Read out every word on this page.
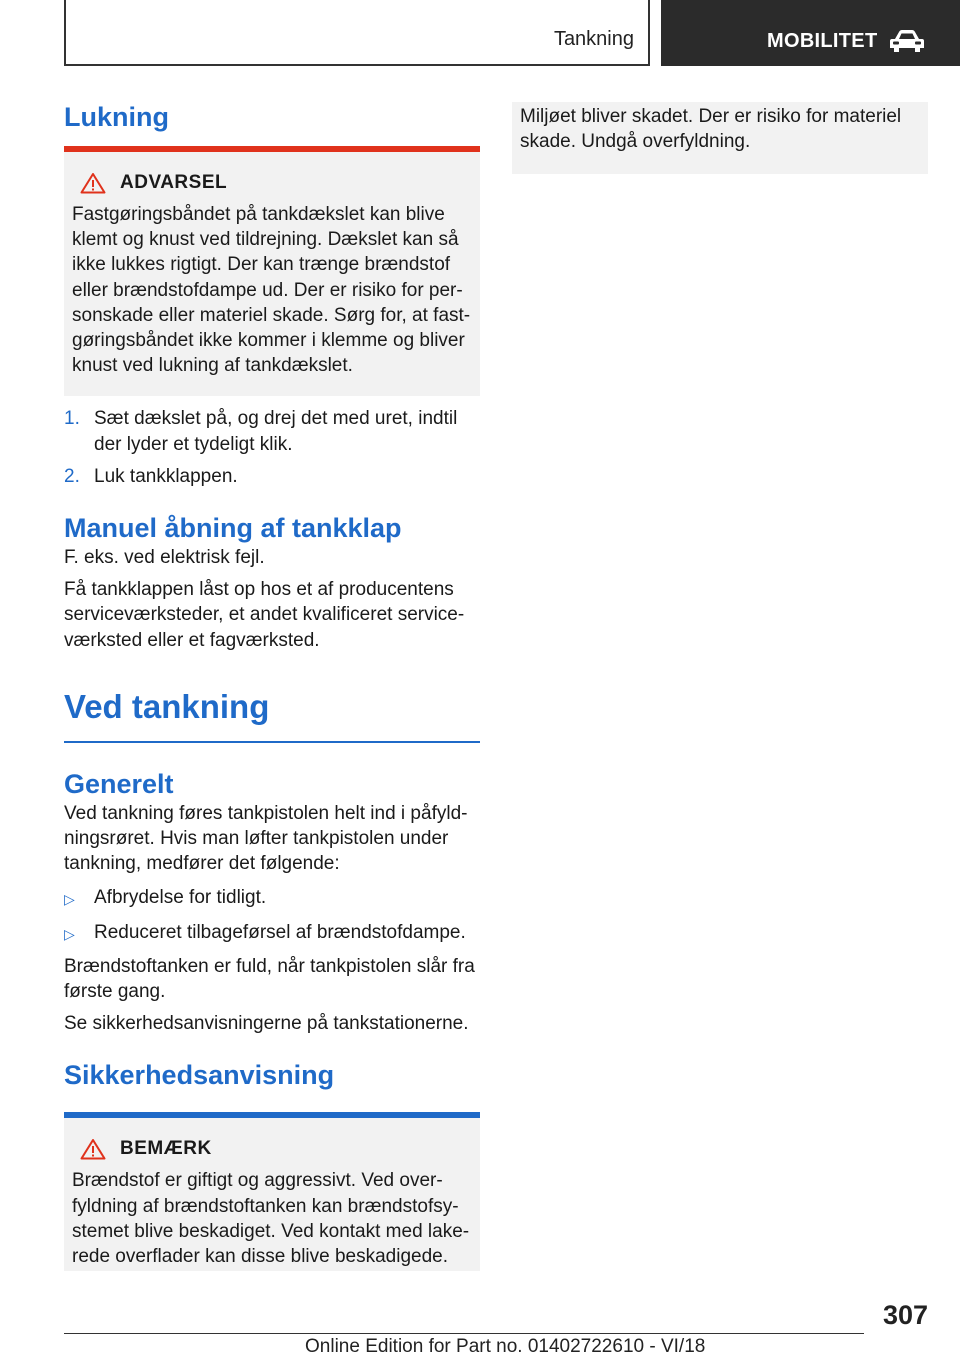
Tankning	MOBILITET
Lukning
ADVARSEL

Fastgøringsbåndet på tankdækslet kan blive klemt og knust ved tildrejning. Dækslet kan så ikke lukkes rigtigt. Der kan trænge brændstof eller brændstofdampe ud. Der er risiko for per-sonskade eller materiel skade. Sørg for, at fast-gøringsbåndet ikke kommer i klemme og bliver knust ved lukning af tankdækslet.

1. Sæt dækslet på, og drej det med uret, indtil der lyder et tydeligt klik.
2. Luk tankklappen.
Manuel åbning af tankklap

F. eks. ved elektrisk fejl.

Få tankklappen låst op hos et af producentens serviceværksteder, et andet kvalificeret service-værksted eller et fagværksted.

Ved tankning
Generelt

Ved tankning føres tankpistolen helt ind i påfyld-ningsrøret. Hvis man løfter tankpistolen under tankning, medfører det følgende:

▷	Afbrydelse for tidligt.
▷	Reduceret tilbageførsel af brændstofdampe.

Brændstoftanken er fuld, når tankpistolen slår fra første gang.

Se sikkerhedsanvisningerne på tankstationerne.

Sikkerhedsanvisning
BEMÆRK

Brændstof er giftigt og aggressivt. Ved over-fyldning af brændstoftanken kan brændstofsy-stemet blive beskadiget. Ved kontakt med lake-rede overflader kan disse blive beskadigede.

Miljøet bliver skadet. Der er risiko for materiel skade. Undgå overfyldning.

307
Online Edition for Part no. 01402722610 - VI/18
